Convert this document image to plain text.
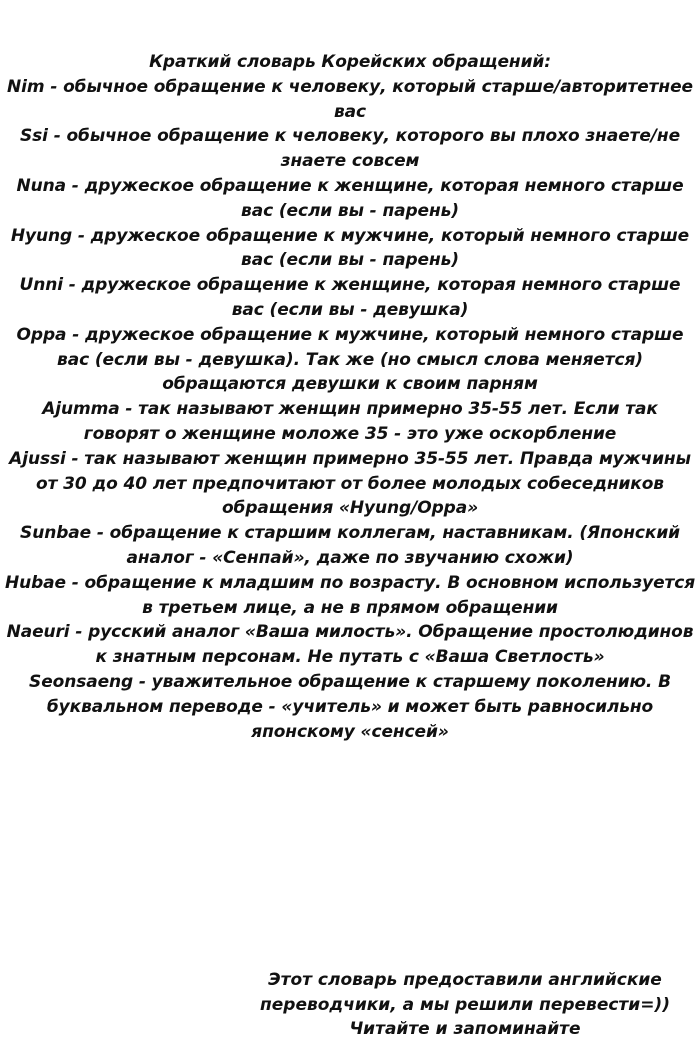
Краткий словарь Корейских обращений:

Nim - обычное обращение к человеку, который старше/авторитетнее вас

Ssi - обычное обращение к человеку, которого вы плохо знаете/не знаете совсем

Nuna - дружеское обращение к женщине, которая немного старше вас (если вы - парень)

Hyung - дружеское обращение к мужчине, который немного старше вас (если вы - парень)

Unni - дружеское обращение к женщине, которая немного старше вас (если вы - девушка)

Oppa - дружеское обращение к мужчине, который немного старше вас (если вы - девушка). Так же (но смысл слова меняется) обращаются девушки к своим парням

Ajumma - так называют женщин примерно 35-55 лет. Если так говорят о женщине моложе 35 - это уже оскорбление

Ajussi - так называют женщин примерно 35-55 лет. Правда мужчины от 30 до 40 лет предпочитают от более молодых собеседников обращения «Hyung/Oppa»

Sunbae - обращение к старшим коллегам, наставникам. (Японский аналог - «Сенпай», даже по звучанию схожи)

Hubae - обращение к младшим по возрасту. В основном используется в третьем лице, а не в прямом обращении

Naeuri - русский аналог «Ваша милость». Обращение простолюдинов к знатным персонам. Не путать с «Ваша Светлость»

Seonsaeng - уважительное обращение к старшему поколению. В буквальном переводе - «учитель» и может быть равносильно японскому «сенсей»

Этот словарь предоставили английские

переводчики, а мы решили перевести=))

Читайте и запоминайте
